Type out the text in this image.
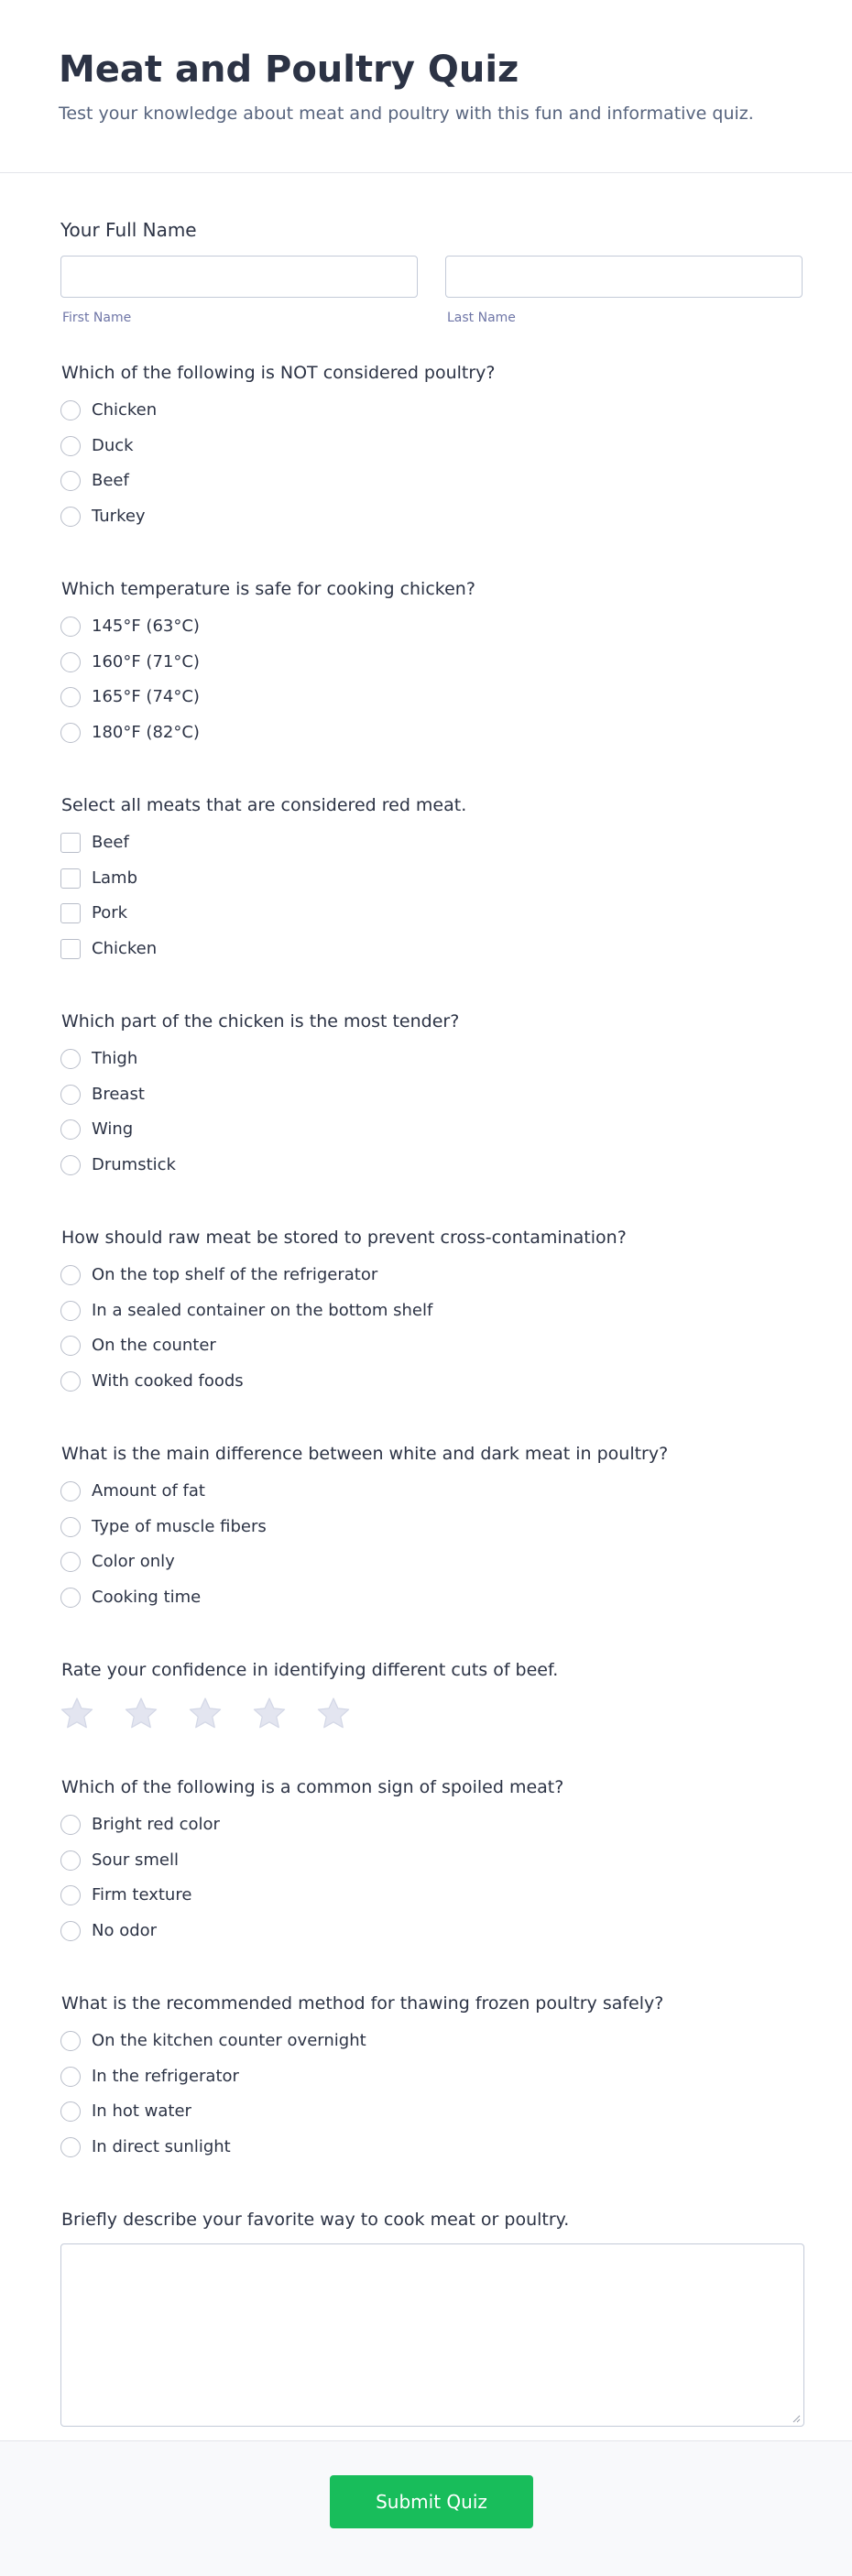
Meat and Poultry Quiz
Test your knowledge about meat and poultry with this fun and informative quiz.
Your Full Name
First Name	Last Name
Which of the following is NOT considered poultry?
Chicken
Duck
Beef
Turkey
Which temperature is safe for cooking chicken?
145°F (63°C)
160°F (71°C)
165°F (74°C)
180°F (82°C)
Select all meats that are considered red meat.
Beef
Lamb
Pork
Chicken
Which part of the chicken is the most tender?
Thigh
Breast
Wing
Drumstick
How should raw meat be stored to prevent cross-contamination?
On the top shelf of the refrigerator
In a sealed container on the bottom shelf
On the counter
With cooked foods
What is the main difference between white and dark meat in poultry?
Amount of fat
Type of muscle fibers
Color only
Cooking time
Rate your confidence in identifying different cuts of beef.
Which of the following is a common sign of spoiled meat?
Bright red color
Sour smell
Firm texture
No odor
What is the recommended method for thawing frozen poultry safely?
On the kitchen counter overnight
In the refrigerator
In hot water
In direct sunlight
Briefly describe your favorite way to cook meat or poultry.
Submit Quiz
